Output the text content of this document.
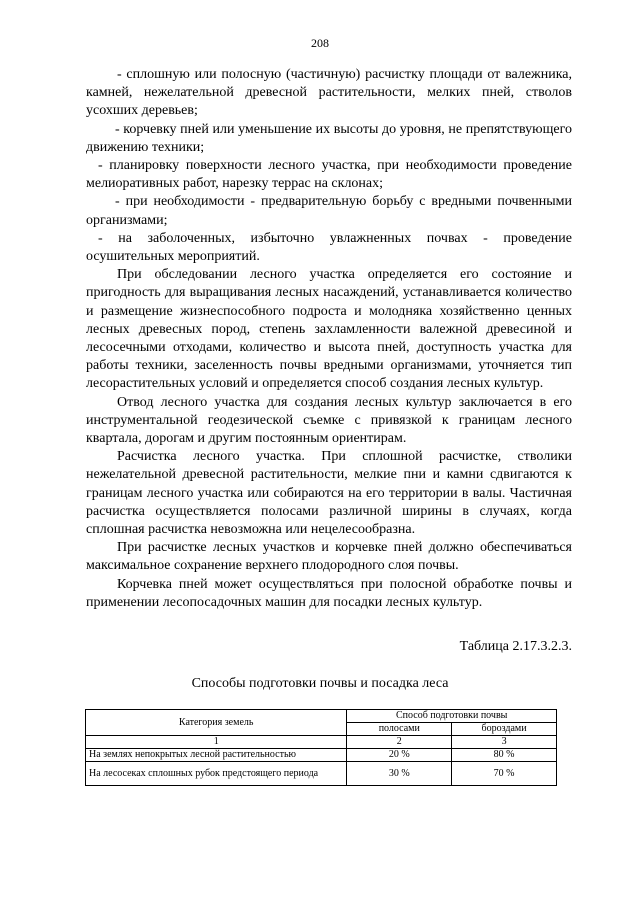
208

- сплошную или полосную (частичную) расчистку площади от валежника, камней, нежелательной древесной растительности, мелких пней, стволов усохших деревьев;

- корчевку пней или уменьшение их высоты до уровня, не препятствующего движению техники;

- планировку поверхности лесного участка, при необходимости проведение мелиоративных работ, нарезку террас на склонах;

- при необходимости - предварительную борьбу с вредными почвенными организмами;

- на заболоченных, избыточно увлажненных почвах - проведение осушительных мероприятий.

При обследовании лесного участка определяется его состояние и пригодность для выращивания лесных насаждений, устанавливается количество и размещение жизнеспособного подроста и молодняка хозяйственно ценных лесных древесных пород, степень захламленности валежной древесиной и лесосечными отходами, количество и высота пней, доступность участка для работы техники, заселенность почвы вредными организмами, уточняется тип лесорастительных условий и определяется способ создания лесных культур.

Отвод лесного участка для создания лесных культур заключается в его инструментальной геодезической съемке с привязкой к границам лесного квартала, дорогам и другим постоянным ориентирам.

Расчистка лесного участка. При сплошной расчистке, стволики нежелательной древесной растительности, мелкие пни и камни сдвигаются к границам лесного участка или собираются на его территории в валы. Частичная расчистка осуществляется полосами различной ширины в случаях, когда сплошная расчистка невозможна или нецелесообразна.

При расчистке лесных участков и корчевке пней должно обеспечиваться максимальное сохранение верхнего плодородного слоя почвы.

Корчевка пней может осуществляться при полосной обработке почвы и применении лесопосадочных машин для посадки лесных культур.

Таблица 2.17.3.2.3.
Способы подготовки почвы и посадка леса
Категория земель	Способ подготовки почвы	
	полосами	бороздами
1	2	3
На землях непокрытых лесной растительностью	20 %	80 %
На лесосеках сплошных рубок предстоящего периода	30 %	70 %
